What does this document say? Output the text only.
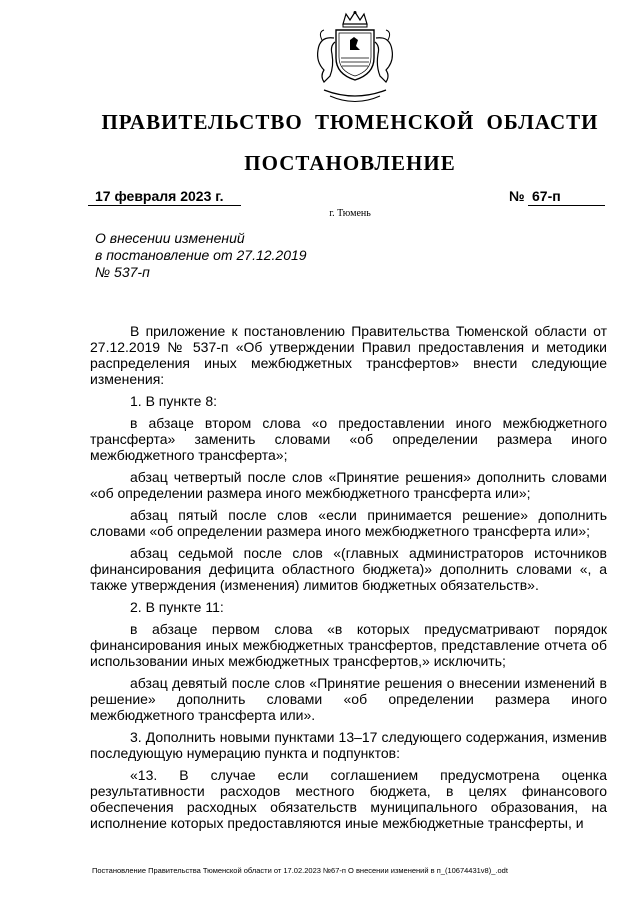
ПРАВИТЕЛЬСТВО ТЮМЕНСКОЙ ОБЛАСТИ
ПОСТАНОВЛЕНИЕ
17 февраля 2023 г.	№ 67-п
г. Тюмень
О внесении изменений
в постановление от 27.12.2019
№ 537-п

В приложение к постановлению Правительства Тюменской области от 27.12.2019 № 537-п «Об утверждении Правил предоставления и методики распределения иных межбюджетных трансфертов» внести следующие изменения:

1. В пункте 8:

в абзаце втором слова «о предоставлении иного межбюджетного трансферта» заменить словами «об определении размера иного межбюджетного трансферта»;

абзац четвертый после слов «Принятие решения» дополнить словами «об определении размера иного межбюджетного трансферта или»;

абзац пятый после слов «если принимается решение» дополнить словами «об определении размера иного межбюджетного трансферта или»;

абзац седьмой после слов «(главных администраторов источников финансирования дефицита областного бюджета)» дополнить словами «, а также утверждения (изменения) лимитов бюджетных обязательств».

2. В пункте 11:

в абзаце первом слова «в которых предусматривают порядок финансирования иных межбюджетных трансфертов, представление отчета об использовании иных межбюджетных трансфертов,» исключить;

абзац девятый после слов «Принятие решения о внесении изменений в решение» дополнить словами «об определении размера иного межбюджетного трансферта или».

3. Дополнить новыми пунктами 13–17 следующего содержания, изменив последующую нумерацию пункта и подпунктов:

«13. В случае если соглашением предусмотрена оценка результативности расходов местного бюджета, в целях финансового обеспечения расходных обязательств муниципального образования, на исполнение которых предоставляются иные межбюджетные трансферты, и

Постановление Правительства Тюменской области от 17.02.2023 №67-п О внесении изменений в п_(10674431v8)_.odt
